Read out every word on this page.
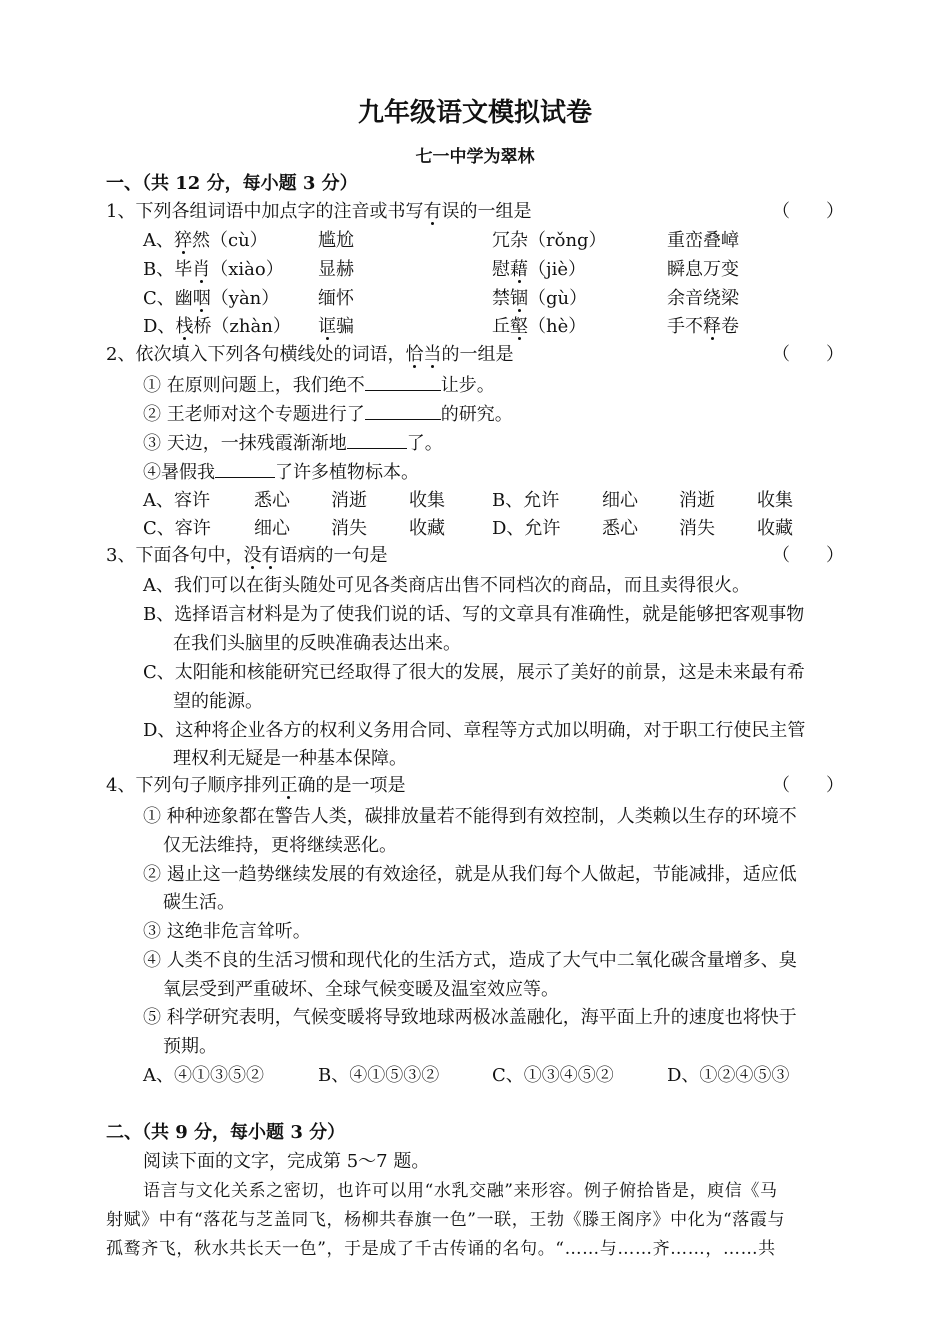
九年级语文模拟试卷
七一中学为翠林
一、（共 12 分，每小题 3 分）
1、下列各组词语中加点字的注音或书写有误的一组是	（　　）
A、猝然（cù）	尴尬	冗杂（rǒng）	重峦叠嶂
B、毕肖（xiào） 显赫	慰藉（jiè）	瞬息万变
C、幽咽（yàn） 缅怀	禁锢（gù）	余音绕梁
D、栈桥（zhàn） 诓骗	丘壑（hè）	手不释卷
2、依次填入下列各句横线处的词语，恰当的一组是	（　　）
① 在原则问题上，我们绝不	让步。
② 王老师对这个专题进行了	的研究。
③ 天边，一抹残霞渐渐地	了。
④暑假我	了许多植物标本。
A、容许 悉心 消逝 收集	B、允许 细心 消逝 收集
C、容许 细心 消失 收藏	D、允许 悉心 消失 收藏
3、下面各句中，没有语病的一句是	（　　）
A、我们可以在街头随处可见各类商店出售不同档次的商品，而且卖得很火。
B、选择语言材料是为了使我们说的话、写的文章具有准确性，就是能够把客观事物
在我们头脑里的反映准确表达出来。
C、太阳能和核能研究已经取得了很大的发展，展示了美好的前景，这是未来最有希
望的能源。
D、这种将企业各方的权利义务用合同、章程等方式加以明确，对于职工行使民主管
理权利无疑是一种基本保障。
4、下列句子顺序排列正确的是一项是	（　　）
① 种种迹象都在警告人类，碳排放量若不能得到有效控制，人类赖以生存的环境不
仅无法维持，更将继续恶化。
② 遏止这一趋势继续发展的有效途径，就是从我们每个人做起，节能减排，适应低
碳生活。
③ 这绝非危言耸听。
④ 人类不良的生活习惯和现代化的生活方式，造成了大气中二氧化碳含量增多、臭
氧层受到严重破坏、全球气候变暖及温室效应等。
⑤ 科学研究表明，气候变暖将导致地球两极冰盖融化，海平面上升的速度也将快于
预期。
A、④①③⑤②	B、④①⑤③②	C、①③④⑤②	D、①②④⑤③
二、（共 9 分，每小题 3 分）
阅读下面的文字，完成第 5～7 题。
语言与文化关系之密切，也许可以用“水乳交融”来形容。例子俯拾皆是，庾信《马
射赋》中有“落花与芝盖同飞，杨柳共春旗一色”一联，王勃《滕王阁序》中化为“落霞与
孤鹜齐飞，秋水共长天一色”，于是成了千古传诵的名句。“……与……齐……，……共
